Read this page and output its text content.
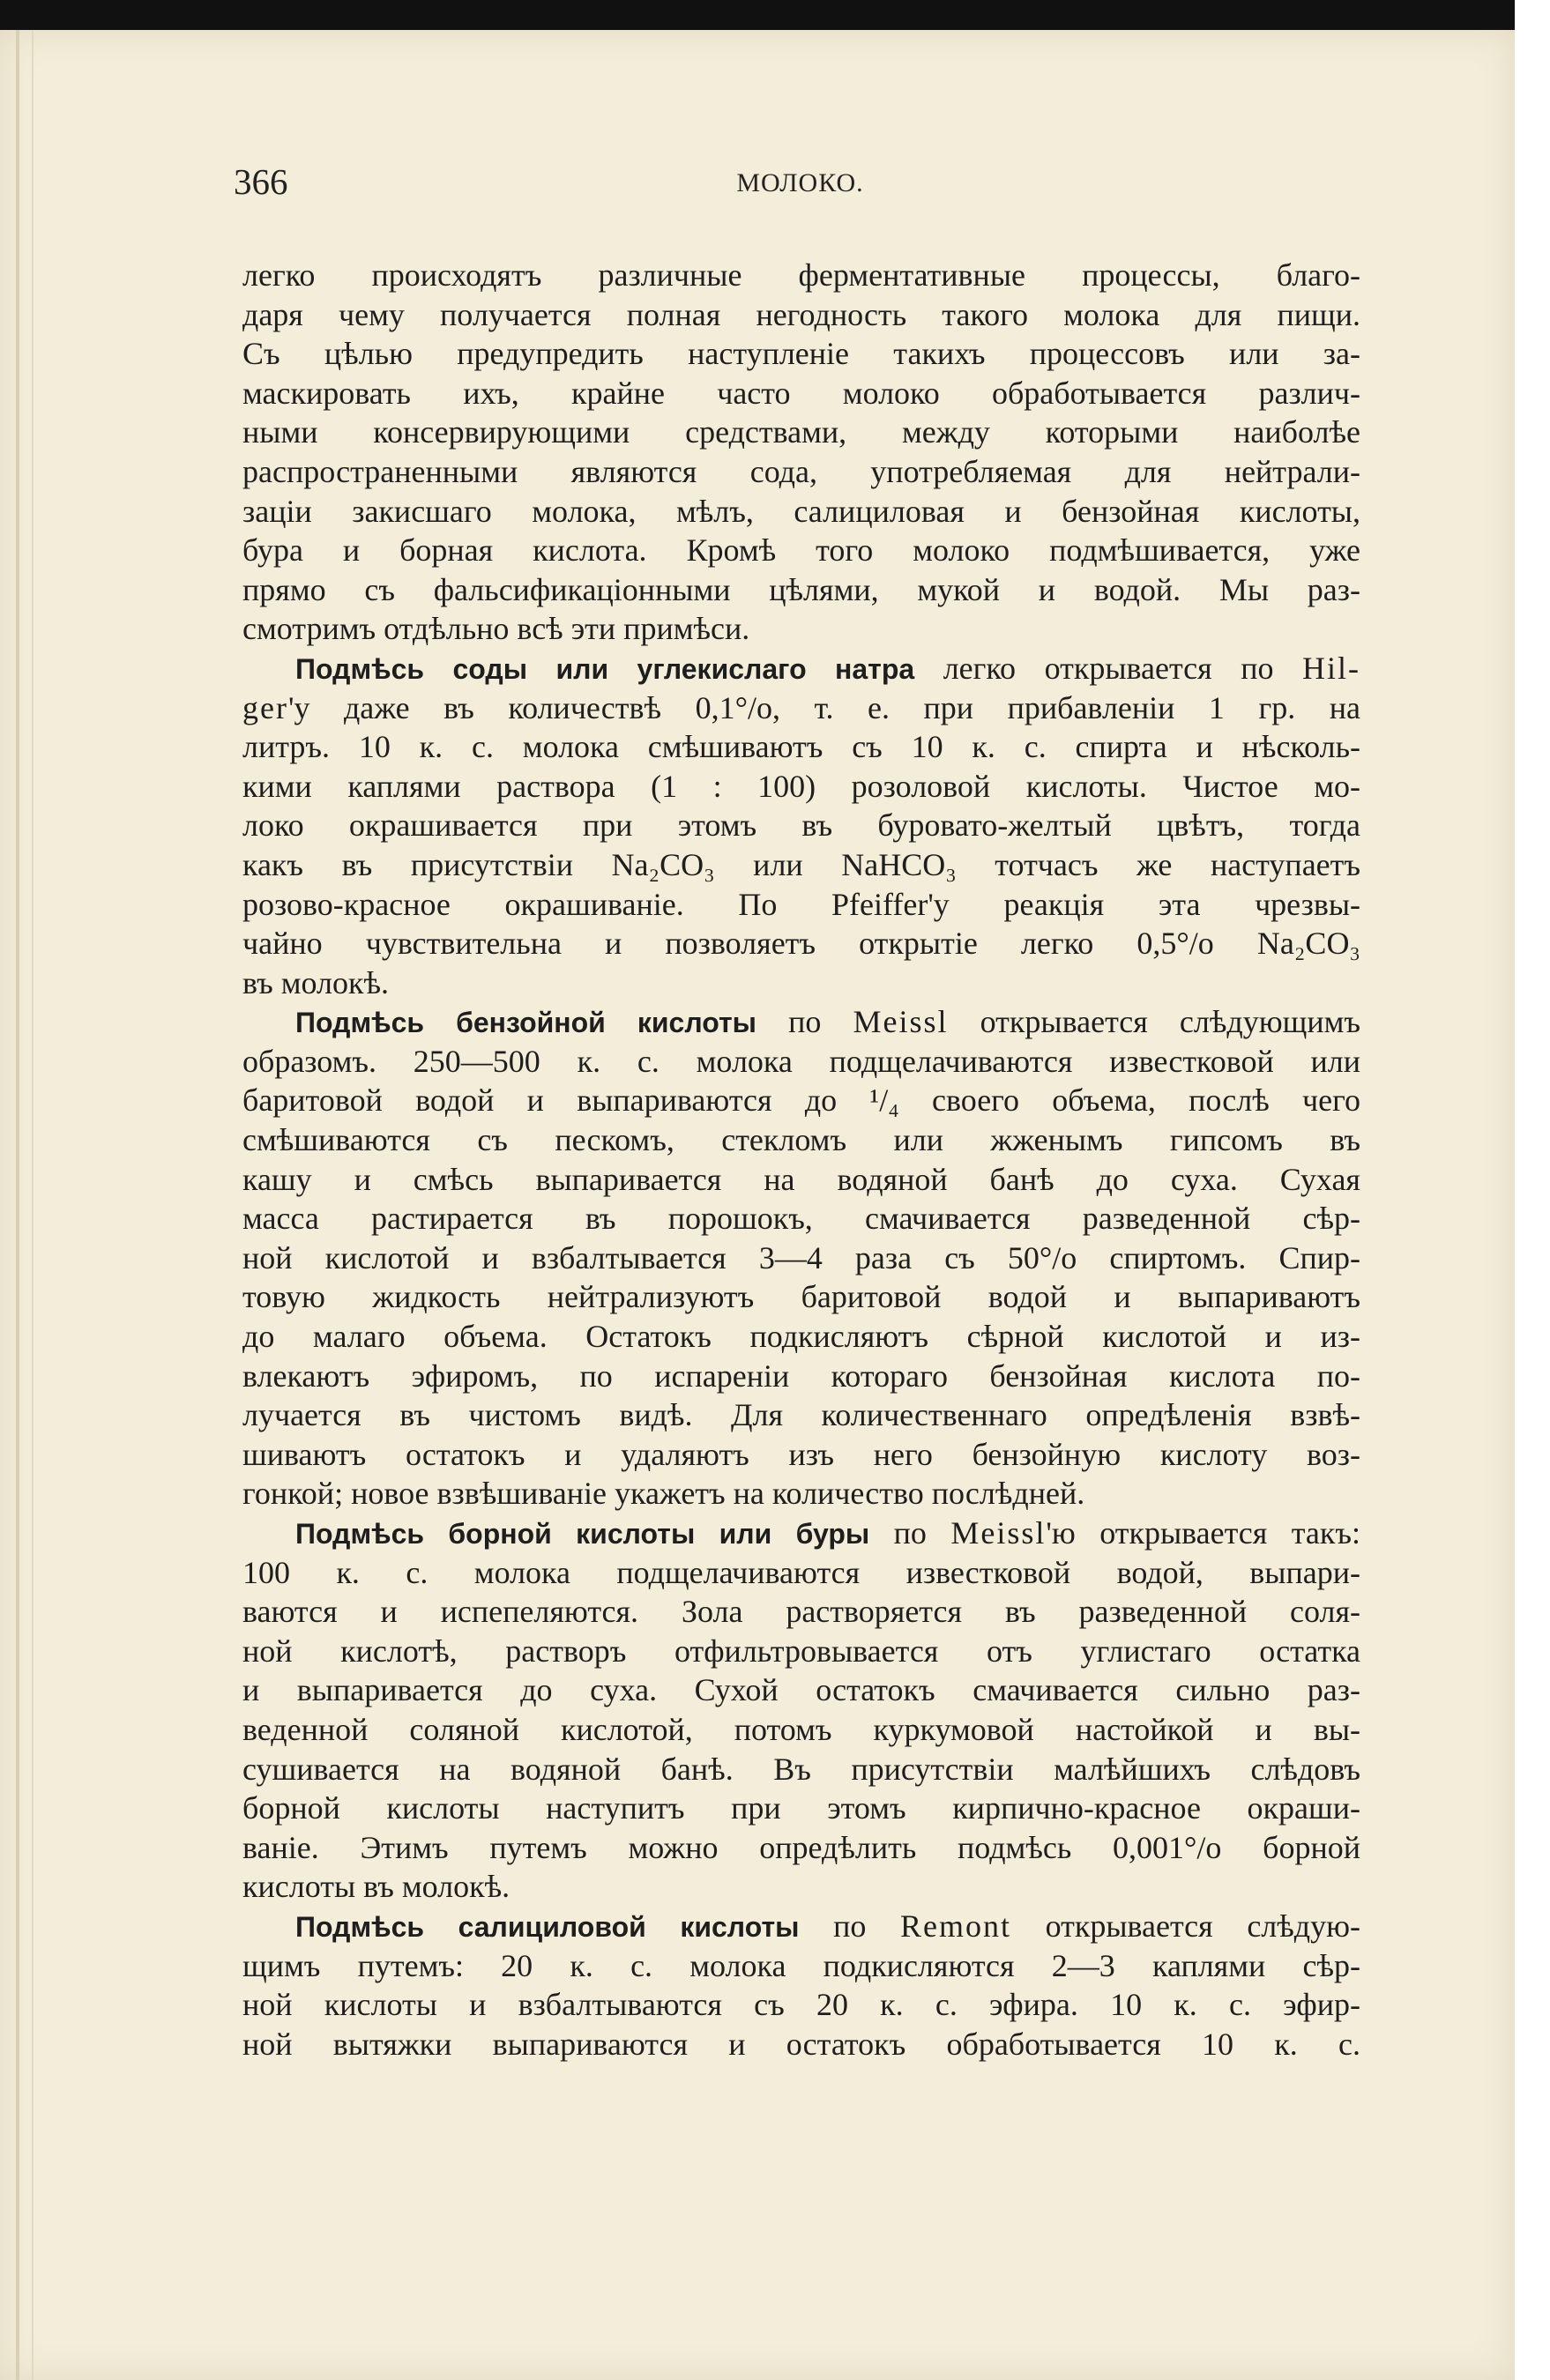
366	МОЛОКО.
легко происходятъ различные ферментативные процессы, благо-
даря чему получается полная негодность такого молока для пищи.
Съ цѣлью предупредить наступленіе такихъ процессовъ или за-
маскировать ихъ, крайне часто молоко обработывается различ-
ными консервирующими средствами, между которыми наиболѣе
распространенными являются сода, употребляемая для нейтрали-
заціи закисшаго молока, мѣлъ, салициловая и бензойная кислоты,
бура и борная кислота. Кромѣ того молоко подмѣшивается, уже
прямо съ фальсификаціонными цѣлями, мукой и водой. Мы раз-
смотримъ отдѣльно всѣ эти примѣси.
Подмѣсь соды или углекислаго натра легко открывается по Hil-
ger'у даже въ количествѣ 0,1°/о, т. е. при прибавленіи 1 гр. на
литръ. 10 к. с. молока смѣшиваютъ съ 10 к. с. спирта и нѣсколь-
кими каплями раствора (1 : 100) розоловой кислоты. Чистое мо-
локо окрашивается при этомъ въ буровато-желтый цвѣтъ, тогда
какъ въ присутствіи Na₂CO₃ или NaHCO₃ тотчасъ же наступаетъ
розово-красное окрашиваніе. По Pfeiffer'у реакція эта чрезвы-
чайно чувствительна и позволяетъ открытіе легко 0,5°/о Na₂CO₃
въ молокѣ.
Подмѣсь бензойной кислоты по Meissl открывается слѣдующимъ
образомъ. 250—500 к. с. молока подщелачиваются известковой или
баритовой водой и выпариваются до ¹/₄ своего объема, послѣ чего
смѣшиваются съ пескомъ, стекломъ или жженымъ гипсомъ въ
кашу и смѣсь выпаривается на водяной банѣ до суха. Сухая
масса растирается въ порошокъ, смачивается разведенной сѣр-
ной кислотой и взбалтывается 3—4 раза съ 50°/о спиртомъ. Спир-
товую жидкость нейтрализуютъ баритовой водой и выпариваютъ
до малаго объема. Остатокъ подкисляютъ сѣрной кислотой и из-
влекаютъ эфиромъ, по испареніи котораго бензойная кислота по-
лучается въ чистомъ видѣ. Для количественнаго опредѣленія взвѣ-
шиваютъ остатокъ и удаляютъ изъ него бензойную кислоту воз-
гонкой; новое взвѣшиваніе укажетъ на количество послѣдней.
Подмѣсь борной кислоты или буры по Meissl'ю открывается такъ:
100 к. с. молока подщелачиваются известковой водой, выпари-
ваются и испепеляются. Зола растворяется въ разведенной соля-
ной кислотѣ, растворъ отфильтровывается отъ углистаго остатка
и выпаривается до суха. Сухой остатокъ смачивается сильно раз-
веденной соляной кислотой, потомъ куркумовой настойкой и вы-
сушивается на водяной банѣ. Въ присутствіи малѣйшихъ слѣдовъ
борной кислоты наступитъ при этомъ кирпично-красное окраши-
ваніе. Этимъ путемъ можно опредѣлить подмѣсь 0,001°/о борной
кислоты въ молокѣ.
Подмѣсь салициловой кислоты по Remont открывается слѣдую-
щимъ путемъ: 20 к. с. молока подкисляются 2—3 каплями сѣр-
ной кислоты и взбалтываются съ 20 к. с. эфира. 10 к. с. эфир-
ной вытяжки выпариваются и остатокъ обработывается 10 к. с.
